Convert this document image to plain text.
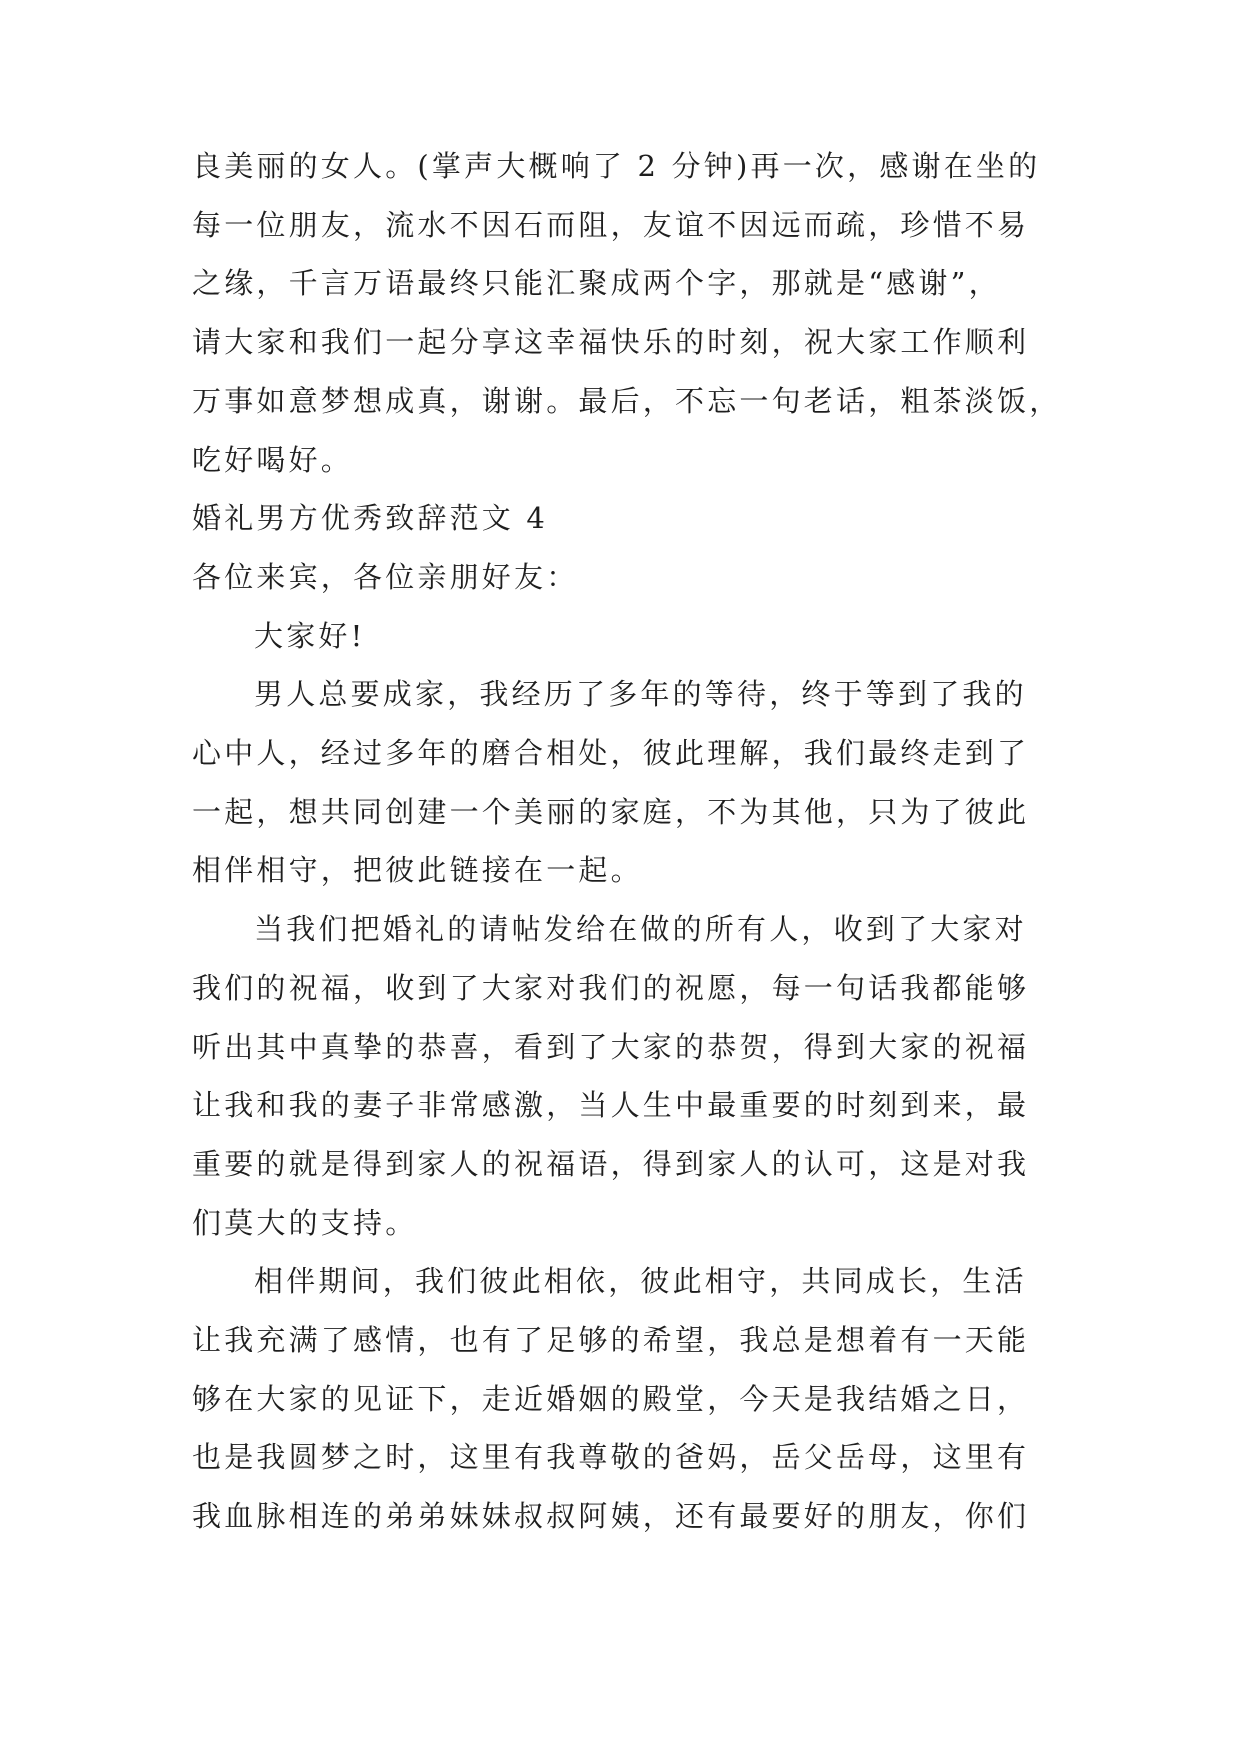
良美丽的女人。(掌声大概响了 2 分钟)再一次，感谢在坐的
每一位朋友，流水不因石而阻，友谊不因远而疏，珍惜不易
之缘，千言万语最终只能汇聚成两个字，那就是“感谢”，
请大家和我们一起分享这幸福快乐的时刻，祝大家工作顺利
万事如意梦想成真，谢谢。最后，不忘一句老话，粗茶淡饭，
吃好喝好。
婚礼男方优秀致辞范文 4
各位来宾，各位亲朋好友：
大家好!
男人总要成家，我经历了多年的等待，终于等到了我的
心中人，经过多年的磨合相处，彼此理解，我们最终走到了
一起，想共同创建一个美丽的家庭，不为其他，只为了彼此
相伴相守，把彼此链接在一起。
当我们把婚礼的请帖发给在做的所有人，收到了大家对
我们的祝福，收到了大家对我们的祝愿，每一句话我都能够
听出其中真挚的恭喜，看到了大家的恭贺，得到大家的祝福
让我和我的妻子非常感激，当人生中最重要的时刻到来，最
重要的就是得到家人的祝福语，得到家人的认可，这是对我
们莫大的支持。
相伴期间，我们彼此相依，彼此相守，共同成长，生活
让我充满了感情，也有了足够的希望，我总是想着有一天能
够在大家的见证下，走近婚姻的殿堂，今天是我结婚之日，
也是我圆梦之时，这里有我尊敬的爸妈，岳父岳母，这里有
我血脉相连的弟弟妹妹叔叔阿姨，还有最要好的朋友，你们
